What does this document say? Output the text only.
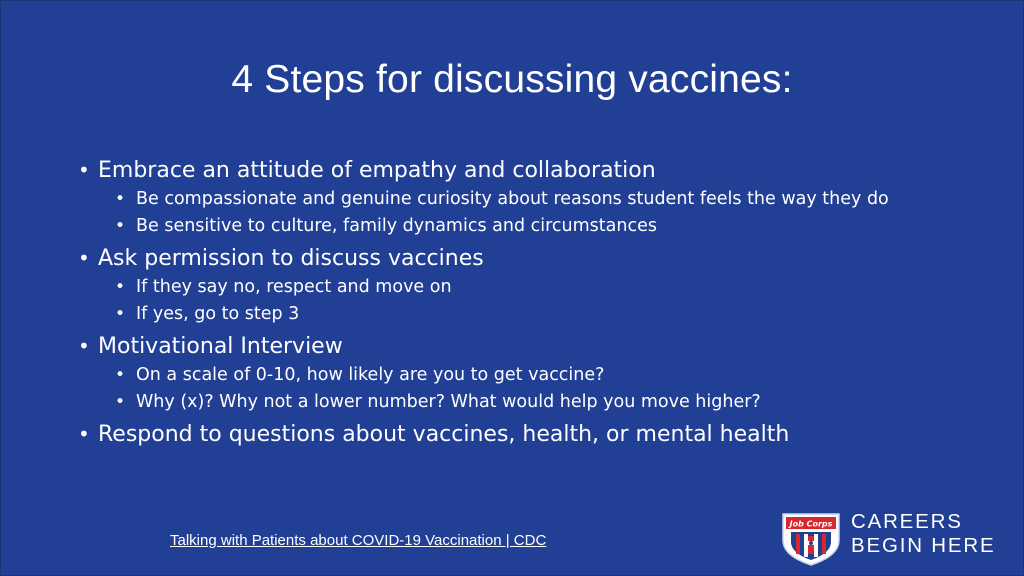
4 Steps for discussing vaccines:
• Embrace an attitude of empathy and collaboration
• Be compassionate and genuine curiosity about reasons student feels the way they do
• Be sensitive to culture, family dynamics and circumstances
• Ask permission to discuss vaccines
• If they say no, respect and move on
• If yes, go to step 3
• Motivational Interview
• On a scale of 0-10, how likely are you to get vaccine?
• Why (x)? Why not a lower number? What would help you move higher?
• Respond to questions about vaccines, health, or mental health
Talking with Patients about COVID-19 Vaccination | CDC
Job Corps CAREERS
BEGIN HERE
